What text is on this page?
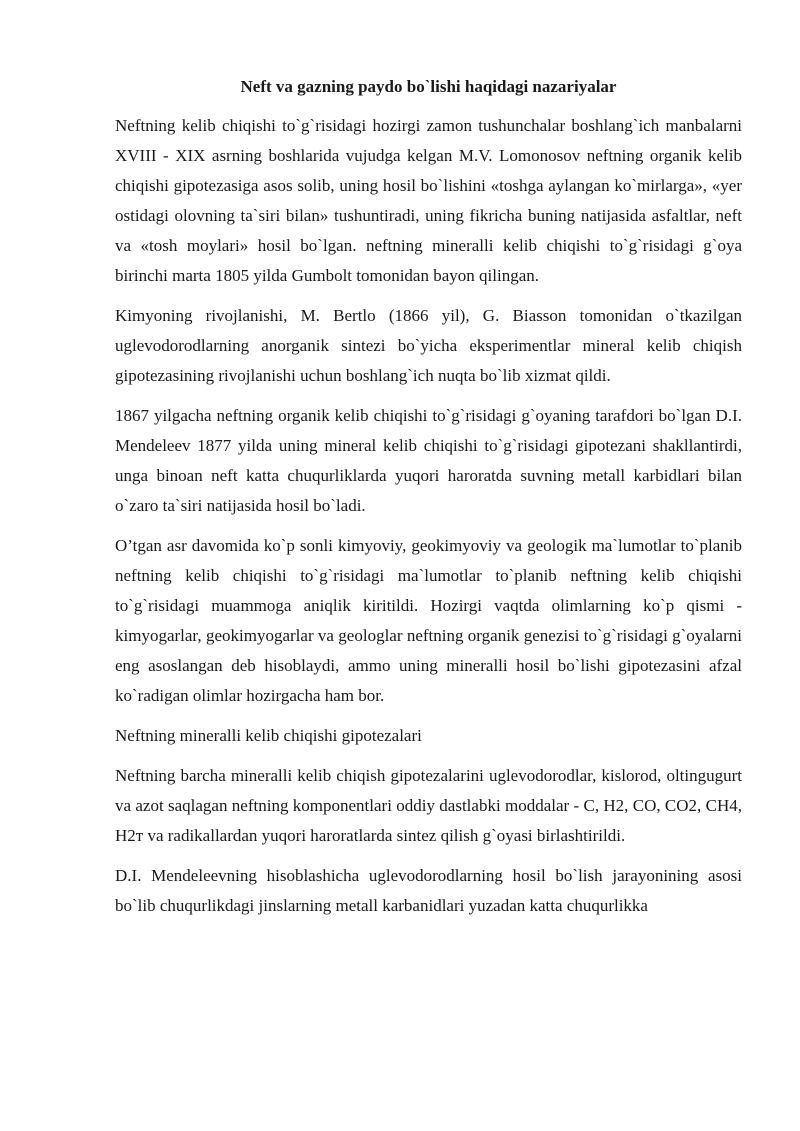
Neft va gazning paydo bo`lishi haqidagi nazariyalar

Neftning kelib chiqishi to`g`risidagi hozirgi zamon tushunchalar boshlang`ich manbalarni XVIII - XIX asrning boshlarida vujudga kelgan M.V. Lomonosov neftning organik kelib chiqishi gipotezasiga asos solib, uning hosil bo`lishini «toshga aylangan ko`mirlarga», «yer ostidagi olovning ta`siri bilan» tushuntiradi, uning fikricha buning natijasida asfaltlar, neft va «tosh moylari» hosil bo`lgan. neftning mineralli kelib chiqishi to`g`risidagi g`oya birinchi marta 1805 yilda Gumbolt tomonidan bayon qilingan.

Kimyoning rivojlanishi, M. Bertlo (1866 yil), G. Biasson tomonidan o`tkazilgan uglevodorodlarning anorganik sintezi bo`yicha eksperimentlar mineral kelib chiqish gipotezasining rivojlanishi uchun boshlang`ich nuqta bo`lib xizmat qildi.

1867 yilgacha neftning organik kelib chiqishi to`g`risidagi g`oyaning tarafdori bo`lgan D.I. Mendeleev 1877 yilda uning mineral kelib chiqishi to`g`risidagi gipotezani shakllantirdi, unga binoan neft katta chuqurliklarda yuqori haroratda suvning metall karbidlari bilan o`zaro ta`siri natijasida hosil bo`ladi.

O’tgan asr davomida ko`p sonli kimyoviy, geokimyoviy va geologik ma`lumotlar to`planib neftning kelib chiqishi to`g`risidagi ma`lumotlar to`planib neftning kelib chiqishi to`g`risidagi muammoga aniqlik kiritildi. Hozirgi vaqtda olimlarning ko`p qismi - kimyogarlar, geokimyogarlar va geologlar neftning organik genezisi to`g`risidagi g`oyalarni eng asoslangan deb hisoblaydi, ammo uning mineralli hosil bo`lishi gipotezasini afzal ko`radigan olimlar hozirgacha ham bor.

Neftning mineralli kelib chiqishi gipotezalari

Neftning barcha mineralli kelib chiqish gipotezalarini uglevodorodlar, kislorod, oltingugurt va azot saqlagan neftning komponentlari oddiy dastlabki moddalar - C, H2, CO, CO2, CH4, H2т va radikallardan yuqori haroratlarda sintez qilish g`oyasi birlashtirildi.

D.I. Mendeleevning hisoblashicha uglevodorodlarning hosil bo`lish jarayonining asosi bo`lib chuqurlikdagi jinslarning metall karbanidlari yuzadan katta chuqurlikka
